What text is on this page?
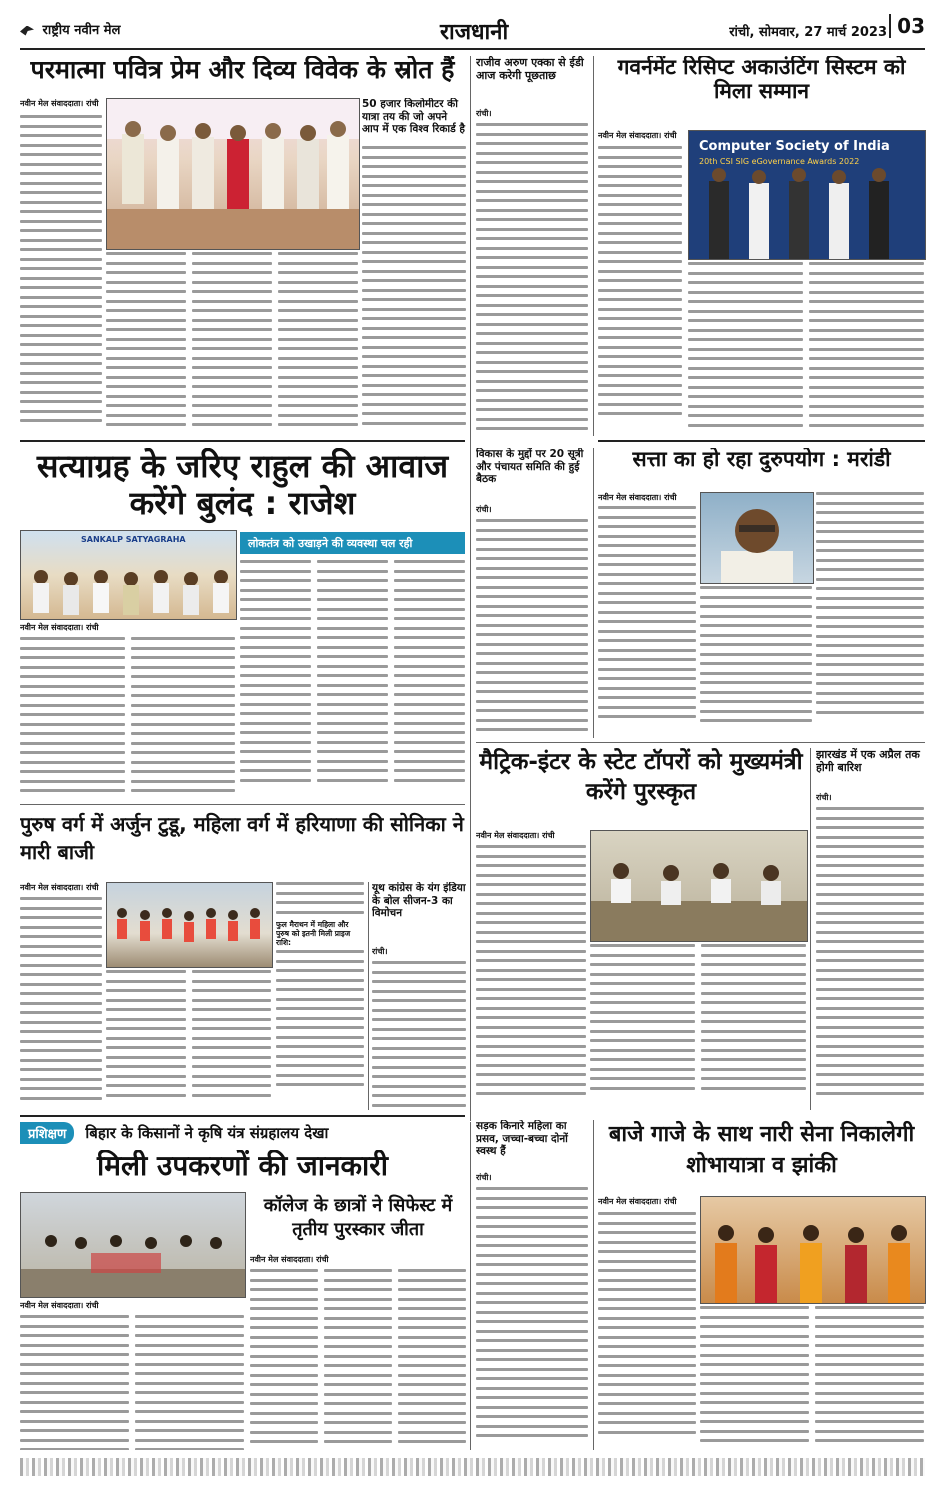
राष्ट्रीय नवीन मेल	राजधानी	रांची, सोमवार, 27 मार्च 2023 03
परमात्मा पवित्र प्रेम और दिव्य विवेक के स्रोत हैं
नवीन मेल संवाददाता। रांची	50 हजार किलोमीटर की यात्रा तय की जो अपने आप में एक विश्व रिकार्ड है
राजीव अरुण एक्का से ईडी आज करेगी पूछताछ
रांची।
गवर्नमेंट रिसिप्ट अकाउंटिंग सिस्टम को मिला सम्मान
नवीन मेल संवाददाता। रांची
Computer Society of India
20th CSI SIG eGovernance Awards 2022
सत्याग्रह के जरिए राहुल की आवाज करेंगे बुलंद : राजेश
SANKALP SATYAGRAHA	लोकतंत्र को उखाड़ने की व्यवस्था चल रही
नवीन मेल संवाददाता। रांची
विकास के मुद्दों पर 20 सूत्री और पंचायत समिति की हुई बैठक
रांची।
सत्ता का हो रहा दुरुपयोग : मरांडी
नवीन मेल संवाददाता। रांची
मैट्रिक-इंटर के स्टेट टॉपरों को मुख्यमंत्री करेंगे पुरस्कृत
नवीन मेल संवाददाता। रांची
झारखंड में एक अप्रैल तक होगी बारिश
रांची।
पुरुष वर्ग में अर्जुन टुडू, महिला वर्ग में हरियाणा की सोनिका ने मारी बाजी
नवीन मेल संवाददाता। रांची
फुल मैराथन में महिला और पुरुष को इतनी मिली प्राइज राशि:
यूथ कांग्रेस के यंग इंडिया के बोल सीजन-3 का विमोचन
रांची।
प्रशिक्षण बिहार के किसानों ने कृषि यंत्र संग्रहालय देखा
मिली उपकरणों की जानकारी
नवीन मेल संवाददाता। रांची
कॉलेज के छात्रों ने सिफेस्ट में तृतीय पुरस्कार जीता
नवीन मेल संवाददाता। रांची
सड़क किनारे महिला का प्रसव, जच्चा-बच्चा दोनों स्वस्थ हैं
रांची।
बाजे गाजे के साथ नारी सेना निकालेगी शोभायात्रा व झांकी
नवीन मेल संवाददाता। रांची
